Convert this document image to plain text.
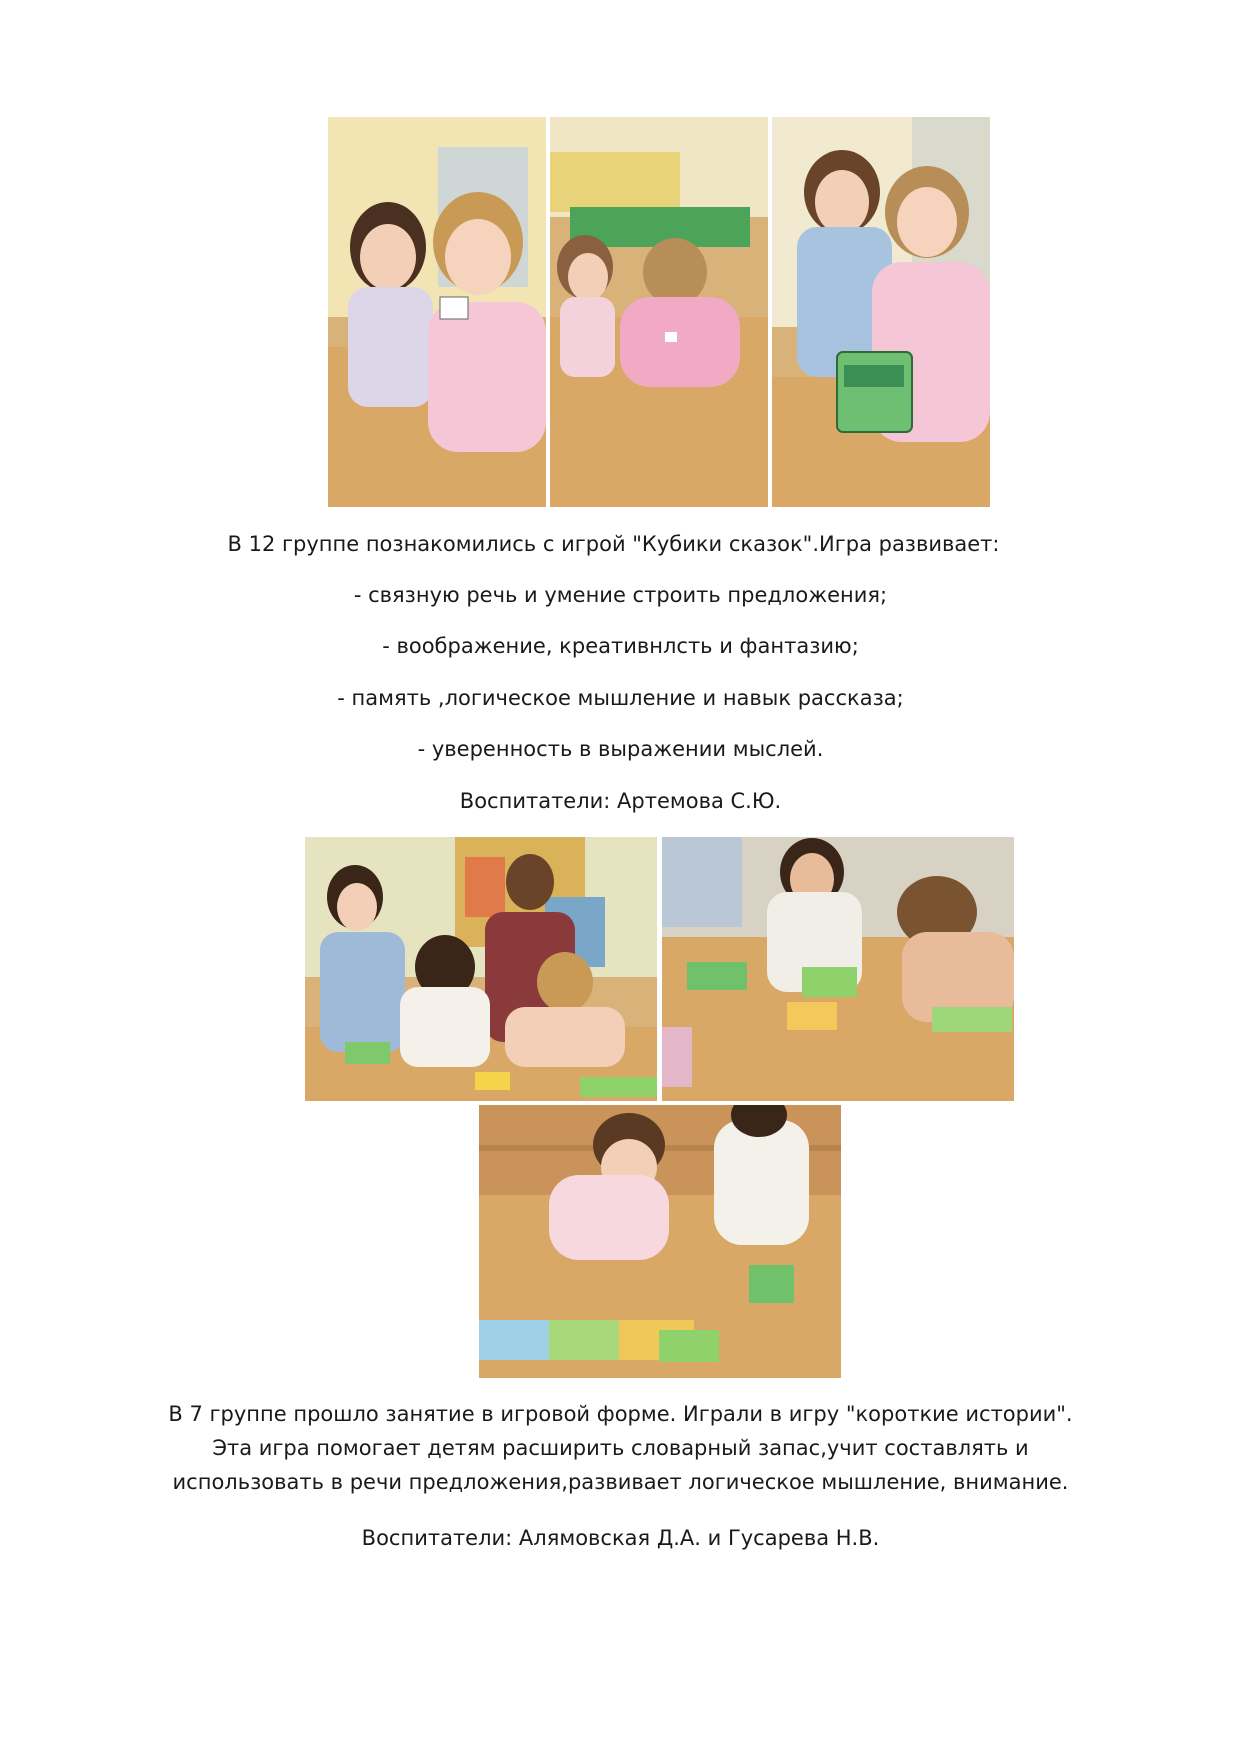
В 12 группе познакомились с игрой "Кубики сказок".Игра развивает:
- связную речь и умение строить предложения;
- воображение, креативнлсть и фантазию;
- память ,логическое мышление и навык рассказа;
- уверенность в выражении мыслей.
Воспитатели: Артемова С.Ю.
В 7 группе прошло занятие в игровой форме. Играли в игру "короткие истории". Эта игра помогает детям расширить словарный запас,учит составлять и использовать в речи предложения,развивает логическое мышление, внимание.
Воспитатели: Алямовская Д.А. и Гусарева Н.В.
